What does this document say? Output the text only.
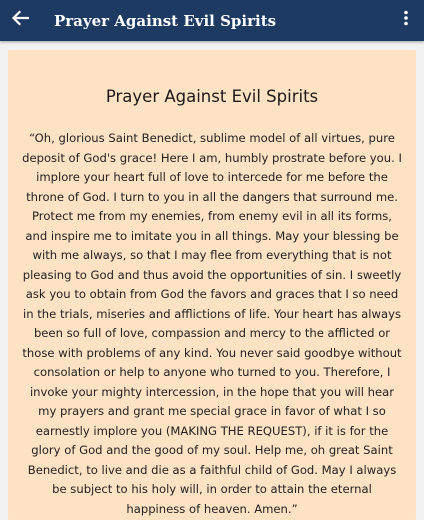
Prayer Against Evil Spirits
Prayer Against Evil Spirits
“Oh, glorious Saint Benedict, sublime model of all virtues, pure deposit of God's grace! Here I am, humbly prostrate before you. I implore your heart full of love to intercede for me before the throne of God. I turn to you in all the dangers that surround me. Protect me from my enemies, from enemy evil in all its forms, and inspire me to imitate you in all things. May your blessing be with me always, so that I may flee from everything that is not pleasing to God and thus avoid the opportunities of sin. I sweetly ask you to obtain from God the favors and graces that I so need in the trials, miseries and afflictions of life. Your heart has always been so full of love, compassion and mercy to the afflicted or those with problems of any kind. You never said goodbye without consolation or help to anyone who turned to you. Therefore, I invoke your mighty intercession, in the hope that you will hear my prayers and grant me special grace in favor of what I so earnestly implore you (MAKING THE REQUEST), if it is for the glory of God and the good of my soul. Help me, oh great Saint Benedict, to live and die as a faithful child of God. May I always be subject to his holy will, in order to attain the eternal happiness of heaven. Amen.”
